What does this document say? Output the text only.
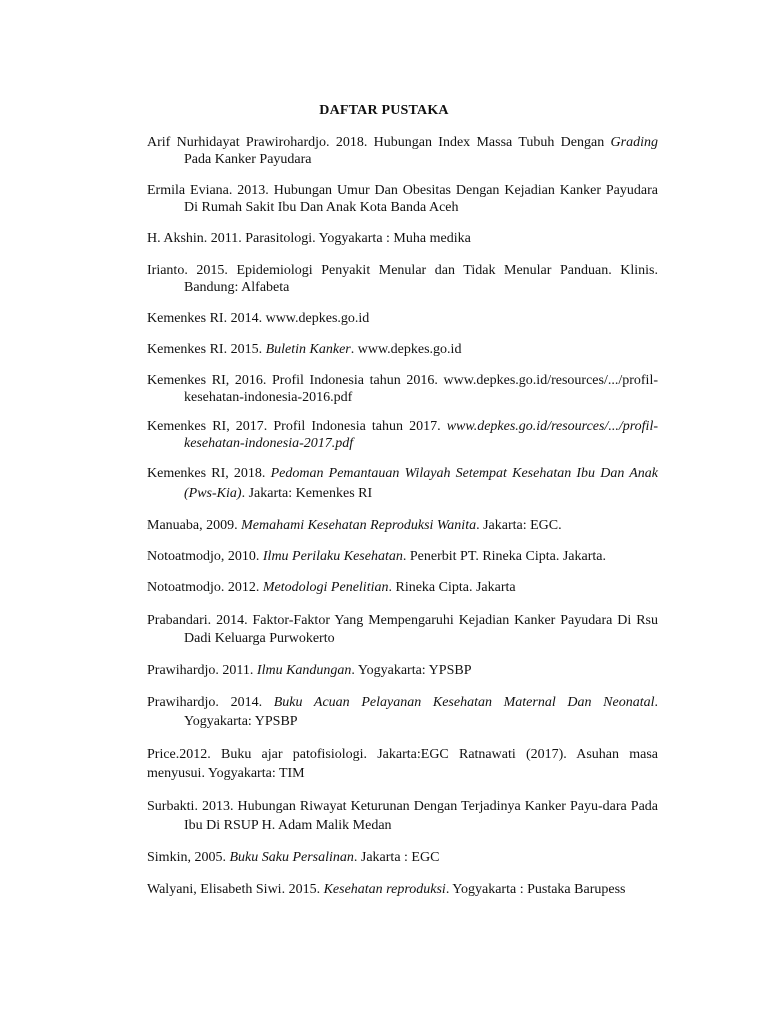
DAFTAR PUSTAKA

Arif Nurhidayat Prawirohardjo. 2018. Hubungan Index Massa Tubuh Dengan Grading Pada Kanker Payudara

Ermila Eviana. 2013. Hubungan Umur Dan Obesitas Dengan Kejadian Kanker Payudara Di Rumah Sakit Ibu Dan Anak Kota Banda Aceh

H. Akshin. 2011. Parasitologi. Yogyakarta : Muha medika

Irianto. 2015. Epidemiologi Penyakit Menular dan Tidak Menular Panduan. Klinis. Bandung: Alfabeta

Kemenkes RI. 2014. www.depkes.go.id

Kemenkes RI. 2015. Buletin Kanker. www.depkes.go.id

Kemenkes RI, 2016. Profil Indonesia tahun 2016. www.depkes.go.id/resources/.../profil-kesehatan-indonesia-2016.pdf

Kemenkes RI, 2017. Profil Indonesia tahun 2017. www.depkes.go.id/resources/.../profil-kesehatan-indonesia-2017.pdf

Kemenkes RI, 2018. Pedoman Pemantauan Wilayah Setempat Kesehatan Ibu Dan Anak (Pws-Kia). Jakarta: Kemenkes RI

Manuaba, 2009. Memahami Kesehatan Reproduksi Wanita. Jakarta: EGC.

Notoatmodjo, 2010. Ilmu Perilaku Kesehatan. Penerbit PT. Rineka Cipta. Jakarta.

Notoatmodjo. 2012. Metodologi Penelitian. Rineka Cipta. Jakarta

Prabandari. 2014. Faktor-Faktor Yang Mempengaruhi Kejadian Kanker Payudara Di Rsu Dadi Keluarga Purwokerto

Prawihardjo. 2011. Ilmu Kandungan. Yogyakarta: YPSBP

Prawihardjo. 2014. Buku Acuan Pelayanan Kesehatan Maternal Dan Neonatal. Yogyakarta: YPSBP

Price.2012. Buku ajar patofisiologi. Jakarta:EGC Ratnawati (2017). Asuhan masa menyusui. Yogyakarta: TIM

Surbakti. 2013. Hubungan Riwayat Keturunan Dengan Terjadinya Kanker Payu-dara Pada Ibu Di RSUP H. Adam Malik Medan

Simkin, 2005. Buku Saku Persalinan. Jakarta : EGC

Walyani, Elisabeth Siwi. 2015. Kesehatan reproduksi. Yogyakarta : Pustaka Barupess
